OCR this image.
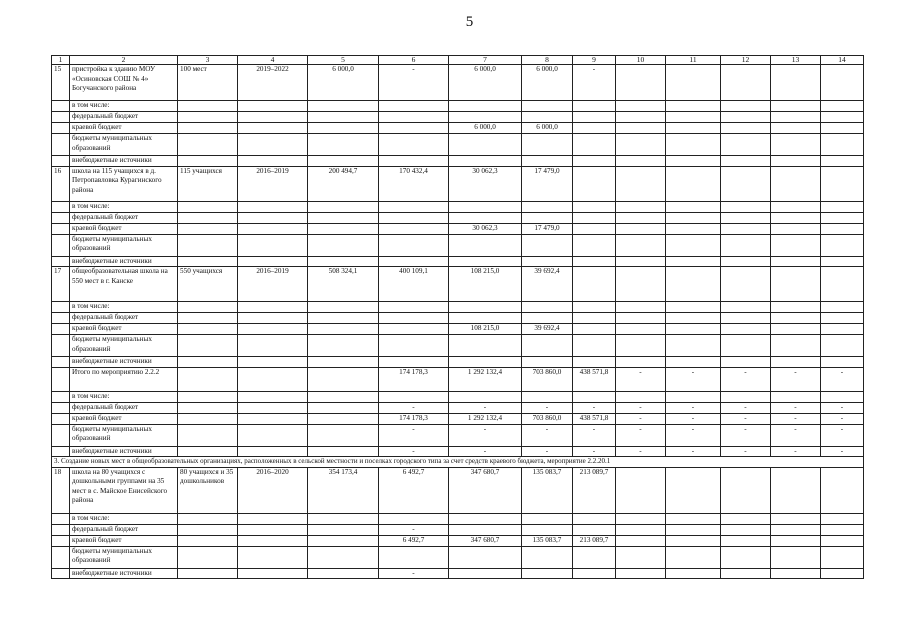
5
1	2	3	4	5	6	7	8	9	10	11	12	13	14
15	пристройка к зданию МОУ «Осиновская СОШ № 4» Богучанского района	100 мест	2019–2022	6 000,0	-	6 000,0	6 000,0	-					
	в том числе:												
	федеральный бюджет												
	краевой бюджет					6 000,0	6 000,0						
	бюджеты муниципальных образований												
	внебюджетные источники												
16	школа на 115 учащихся в д. Петропавловка Курагинского района	115 учащихся	2016–2019	200 494,7	170 432,4	30 062,3	17 479,0						
	в том числе:												
	федеральный бюджет												
	краевой бюджет					30 062,3	17 479,0						
	бюджеты муниципальных образований												
	внебюджетные источники												
17	общеобразовательная школа на 550 мест в г. Канске	550 учащихся	2016–2019	508 324,1	400 109,1	108 215,0	39 692,4						
	в том числе:												
	федеральный бюджет												
	краевой бюджет					108 215,0	39 692,4						
	бюджеты муниципальных образований												
	внебюджетные источники												
	Итого по мероприятию 2.2.2				174 178,3	1 292 132,4	703 860,0	438 571,8	-	-	-	-	-
	в том числе:												
	федеральный бюджет				-	-	-	-	-	-	-	-	-
	краевой бюджет				174 178,3	1 292 132,4	703 860,0	438 571,8	-	-	-	-	-
	бюджеты муниципальных образований				-	-	-	-	-	-	-	-	-
	внебюджетные источники				-	-	-	-	-	-	-	-	-
3. Создание новых мест в общеобразовательных организациях, расположенных в сельской местности и поселках городского типа за счет средств краевого бюджета, мероприятие 2.2.20.1													
18	школа на 80 учащихся с дошкольными группами на 35 мест в с. Майское Енисейского района	80 учащихся и 35 дошкольников	2016–2020	354 173,4	6 492,7	347 680,7	135 083,7	213 089,7					
	в том числе:												
	федеральный бюджет				-								
	краевой бюджет				6 492,7	347 680,7	135 083,7	213 089,7					
	бюджеты муниципальных образований												
	внебюджетные источники				-								
